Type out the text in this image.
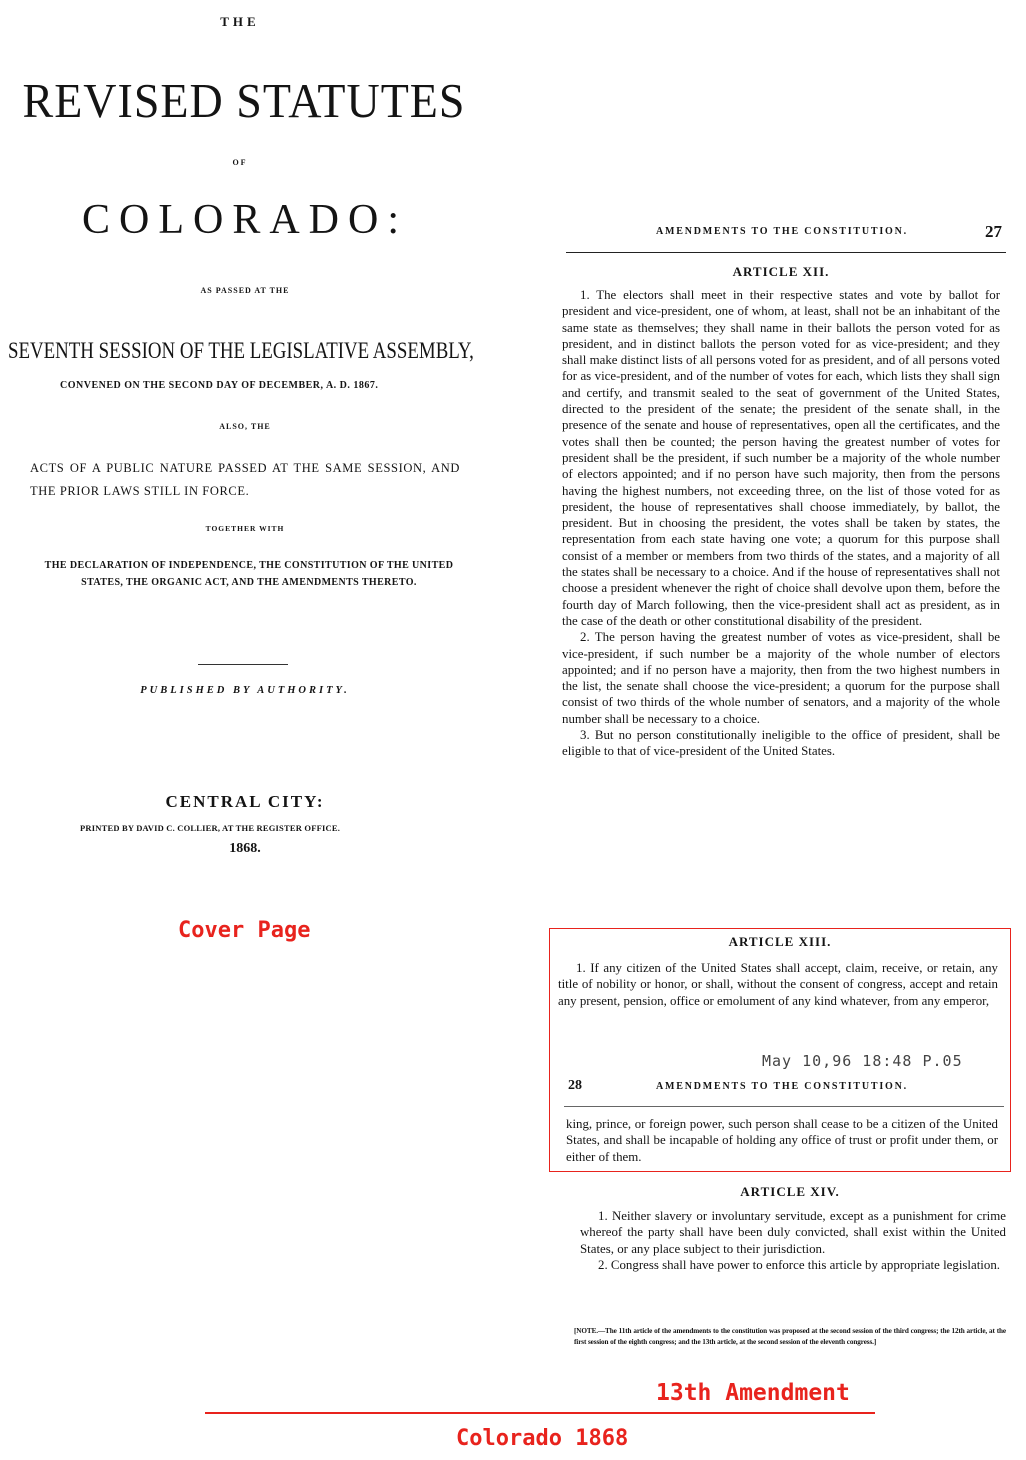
THE
REVISED STATUTES
OF
COLORADO:
AS PASSED AT THE
SEVENTH SESSION OF THE LEGISLATIVE ASSEMBLY,
CONVENED ON THE SECOND DAY OF DECEMBER, A. D. 1867.
ALSO, THE
ACTS OF A PUBLIC NATURE PASSED AT THE SAME SESSION, AND THE PRIOR LAWS STILL IN FORCE.
TOGETHER WITH
THE DECLARATION OF INDEPENDENCE, THE CONSTITUTION OF THE UNITED STATES, THE ORGANIC ACT, AND THE AMENDMENTS THERETO.
PUBLISHED BY AUTHORITY.
CENTRAL CITY:
PRINTED BY DAVID C. COLLIER, AT THE REGISTER OFFICE.
1868.
Cover Page
AMENDMENTS TO THE CONSTITUTION.	27
ARTICLE XII.

1. The electors shall meet in their respective states and vote by ballot for president and vice-president, one of whom, at least, shall not be an inhabitant of the same state as themselves; they shall name in their ballots the person voted for as president, and in distinct ballots the person voted for as vice-president; and they shall make distinct lists of all persons voted for as president, and of all persons voted for as vice-president, and of the number of votes for each, which lists they shall sign and certify, and transmit sealed to the seat of government of the United States, directed to the president of the senate; the president of the senate shall, in the presence of the senate and house of representatives, open all the certificates, and the votes shall then be counted; the person having the greatest number of votes for president shall be the president, if such number be a majority of the whole number of electors appointed; and if no person have such majority, then from the persons having the highest numbers, not exceeding three, on the list of those voted for as president, the house of representatives shall choose immediately, by ballot, the president. But in choosing the president, the votes shall be taken by states, the representation from each state having one vote; a quorum for this purpose shall consist of a member or members from two thirds of the states, and a majority of all the states shall be necessary to a choice. And if the house of representatives shall not choose a president whenever the right of choice shall devolve upon them, before the fourth day of March following, then the vice-president shall act as president, as in the case of the death or other constitutional disability of the president.

2. The person having the greatest number of votes as vice-president, shall be vice-president, if such number be a majority of the whole number of electors appointed; and if no person have a majority, then from the two highest numbers in the list, the senate shall choose the vice-president; a quorum for the purpose shall consist of two thirds of the whole number of senators, and a majority of the whole number shall be necessary to a choice.

3. But no person constitutionally ineligible to the office of president, shall be eligible to that of vice-president of the United States.

ARTICLE XIII.

1. If any citizen of the United States shall accept, claim, receive, or retain, any title of nobility or honor, or shall, without the consent of congress, accept and retain any present, pension, office or emolument of any kind whatever, from any emperor,

May 10,96 18:48 P.05
28	AMENDMENTS TO THE CONSTITUTION.

king, prince, or foreign power, such person shall cease to be a citizen of the United States, and shall be incapable of holding any office of trust or profit under them, or either of them.

ARTICLE XIV.

1. Neither slavery or involuntary servitude, except as a punishment for crime whereof the party shall have been duly convicted, shall exist within the United States, or any place subject to their jurisdiction.

2. Congress shall have power to enforce this article by appropriate legislation.

[NOTE.—The 11th article of the amendments to the constitution was proposed at the second session of the third congress; the 12th article, at the first session of the eighth congress; and the 13th article, at the second session of the eleventh congress.]
13th Amendment
Colorado 1868
